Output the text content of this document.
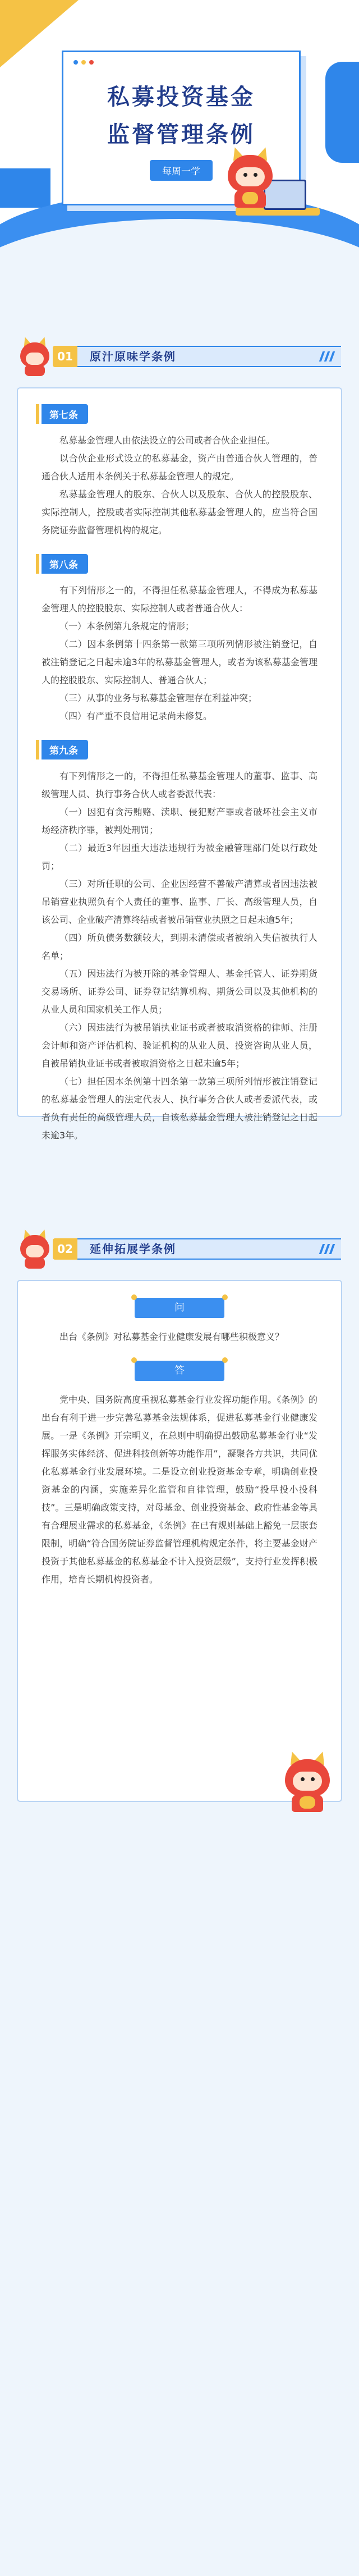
私募投资基金
监督管理条例
每周一学
01	原汁原味学条例
第七条

私募基金管理人由依法设立的公司或者合伙企业担任。

以合伙企业形式设立的私募基金，资产由普通合伙人管理的，普通合伙人适用本条例关于私募基金管理人的规定。

私募基金管理人的股东、合伙人以及股东、合伙人的控股股东、实际控制人，控股或者实际控制其他私募基金管理人的，应当符合国务院证券监督管理机构的规定。

第八条

有下列情形之一的，不得担任私募基金管理人，不得成为私募基金管理人的控股股东、实际控制人或者普通合伙人：

（一）本条例第九条规定的情形；

（二）因本条例第十四条第一款第三项所列情形被注销登记，自被注销登记之日起未逾3年的私募基金管理人，或者为该私募基金管理人的控股股东、实际控制人、普通合伙人；

（三）从事的业务与私募基金管理存在利益冲突；

（四）有严重不良信用记录尚未修复。

第九条

有下列情形之一的，不得担任私募基金管理人的董事、监事、高级管理人员、执行事务合伙人或者委派代表：

（一）因犯有贪污贿赂、渎职、侵犯财产罪或者破坏社会主义市场经济秩序罪，被判处刑罚；

（二）最近3年因重大违法违规行为被金融管理部门处以行政处罚；

（三）对所任职的公司、企业因经营不善破产清算或者因违法被吊销营业执照负有个人责任的董事、监事、厂长、高级管理人员，自该公司、企业破产清算终结或者被吊销营业执照之日起未逾5年；

（四）所负债务数额较大，到期未清偿或者被纳入失信被执行人名单；

（五）因违法行为被开除的基金管理人、基金托管人、证券期货交易场所、证券公司、证券登记结算机构、期货公司以及其他机构的从业人员和国家机关工作人员；

（六）因违法行为被吊销执业证书或者被取消资格的律师、注册会计师和资产评估机构、验证机构的从业人员、投资咨询从业人员，自被吊销执业证书或者被取消资格之日起未逾5年；

（七）担任因本条例第十四条第一款第三项所列情形被注销登记的私募基金管理人的法定代表人、执行事务合伙人或者委派代表，或者负有责任的高级管理人员，自该私募基金管理人被注销登记之日起未逾3年。

02	延伸拓展学条例
问

出台《条例》对私募基金行业健康发展有哪些积极意义？

答

党中央、国务院高度重视私募基金行业发挥功能作用。《条例》的出台有利于进一步完善私募基金法规体系，促进私募基金行业健康发展。一是《条例》开宗明义，在总则中明确提出鼓励私募基金行业“发挥服务实体经济、促进科技创新等功能作用”，凝聚各方共识，共同优化私募基金行业发展环境。二是设立创业投资基金专章，明确创业投资基金的内涵，实施差异化监管和自律管理，鼓励“投早投小投科技”。三是明确政策支持，对母基金、创业投资基金、政府性基金等具有合理展业需求的私募基金，《条例》在已有规则基础上豁免一层嵌套限制，明确“符合国务院证券监督管理机构规定条件，将主要基金财产投资于其他私募基金的私募基金不计入投资层级”，支持行业发挥积极作用，培育长期机构投资者。
